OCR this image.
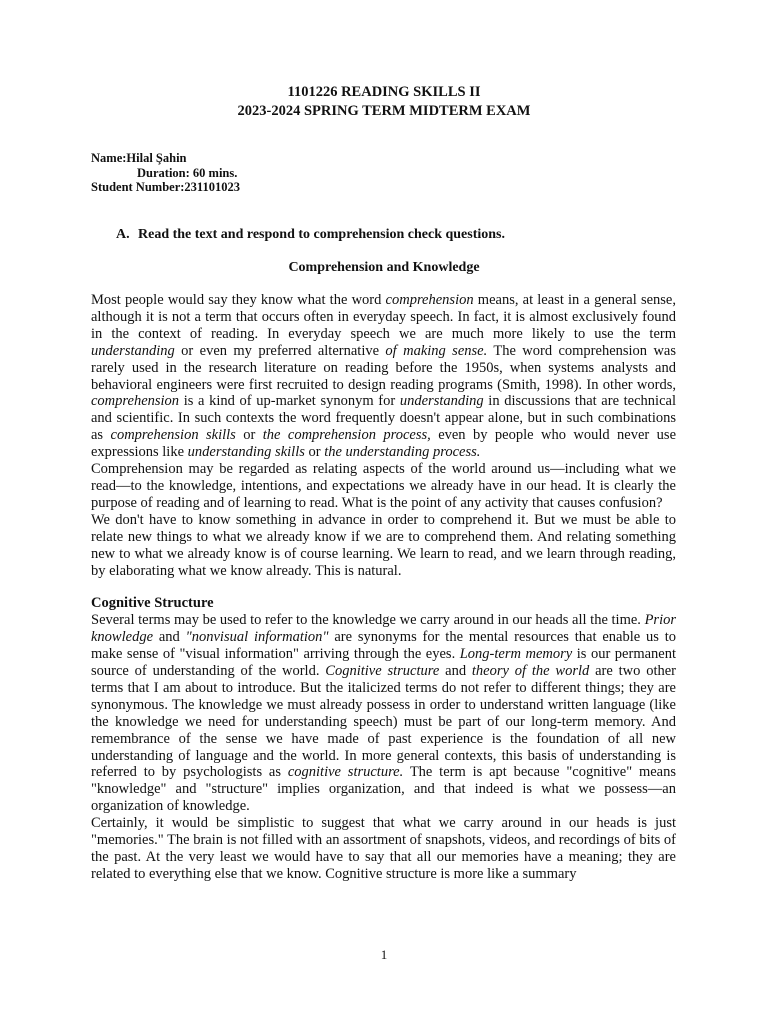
1101226 READING SKILLS II
2023-2024 SPRING TERM MIDTERM EXAM
Name:Hilal Şahin
Duration: 60 mins.
Student Number:231101023
A. Read the text and respond to comprehension check questions.
Comprehension and Knowledge

Most people would say they know what the word comprehension means, at least in a general sense, although it is not a term that occurs often in everyday speech. In fact, it is almost exclusively found in the context of reading. In everyday speech we are much more likely to use the term understanding or even my preferred alternative of making sense. The word comprehension was rarely used in the research literature on reading before the 1950s, when systems analysts and behavioral engineers were first recruited to design reading programs (Smith, 1998). In other words, comprehension is a kind of up-market synonym for understanding in discussions that are technical and scientific. In such contexts the word frequently doesn't appear alone, but in such combinations as comprehension skills or the comprehension process, even by people who would never use expressions like understanding skills or the understanding process.

Comprehension may be regarded as relating aspects of the world around us—including what we read—to the knowledge, intentions, and expectations we already have in our head. It is clearly the purpose of reading and of learning to read. What is the point of any activity that causes confusion?

We don't have to know something in advance in order to comprehend it. But we must be able to relate new things to what we already know if we are to comprehend them. And relating something new to what we already know is of course learning. We learn to read, and we learn through reading, by elaborating what we know already. This is natural.

Cognitive Structure

Several terms may be used to refer to the knowledge we carry around in our heads all the time. Prior knowledge and "nonvisual information" are synonyms for the mental resources that enable us to make sense of "visual information" arriving through the eyes. Long-term memory is our permanent source of understanding of the world. Cognitive structure and theory of the world are two other terms that I am about to introduce. But the italicized terms do not refer to different things; they are synonymous. The knowledge we must already possess in order to understand written language (like the knowledge we need for understanding speech) must be part of our long-term memory. And remembrance of the sense we have made of past experience is the foundation of all new understanding of language and the world. In more general contexts, this basis of understanding is referred to by psychologists as cognitive structure. The term is apt because "cognitive" means "knowledge" and "structure" implies organization, and that indeed is what we possess—an organization of knowledge.

Certainly, it would be simplistic to suggest that what we carry around in our heads is just "memories." The brain is not filled with an assortment of snapshots, videos, and recordings of bits of the past. At the very least we would have to say that all our memories have a meaning; they are related to everything else that we know. Cognitive structure is more like a summary

1
